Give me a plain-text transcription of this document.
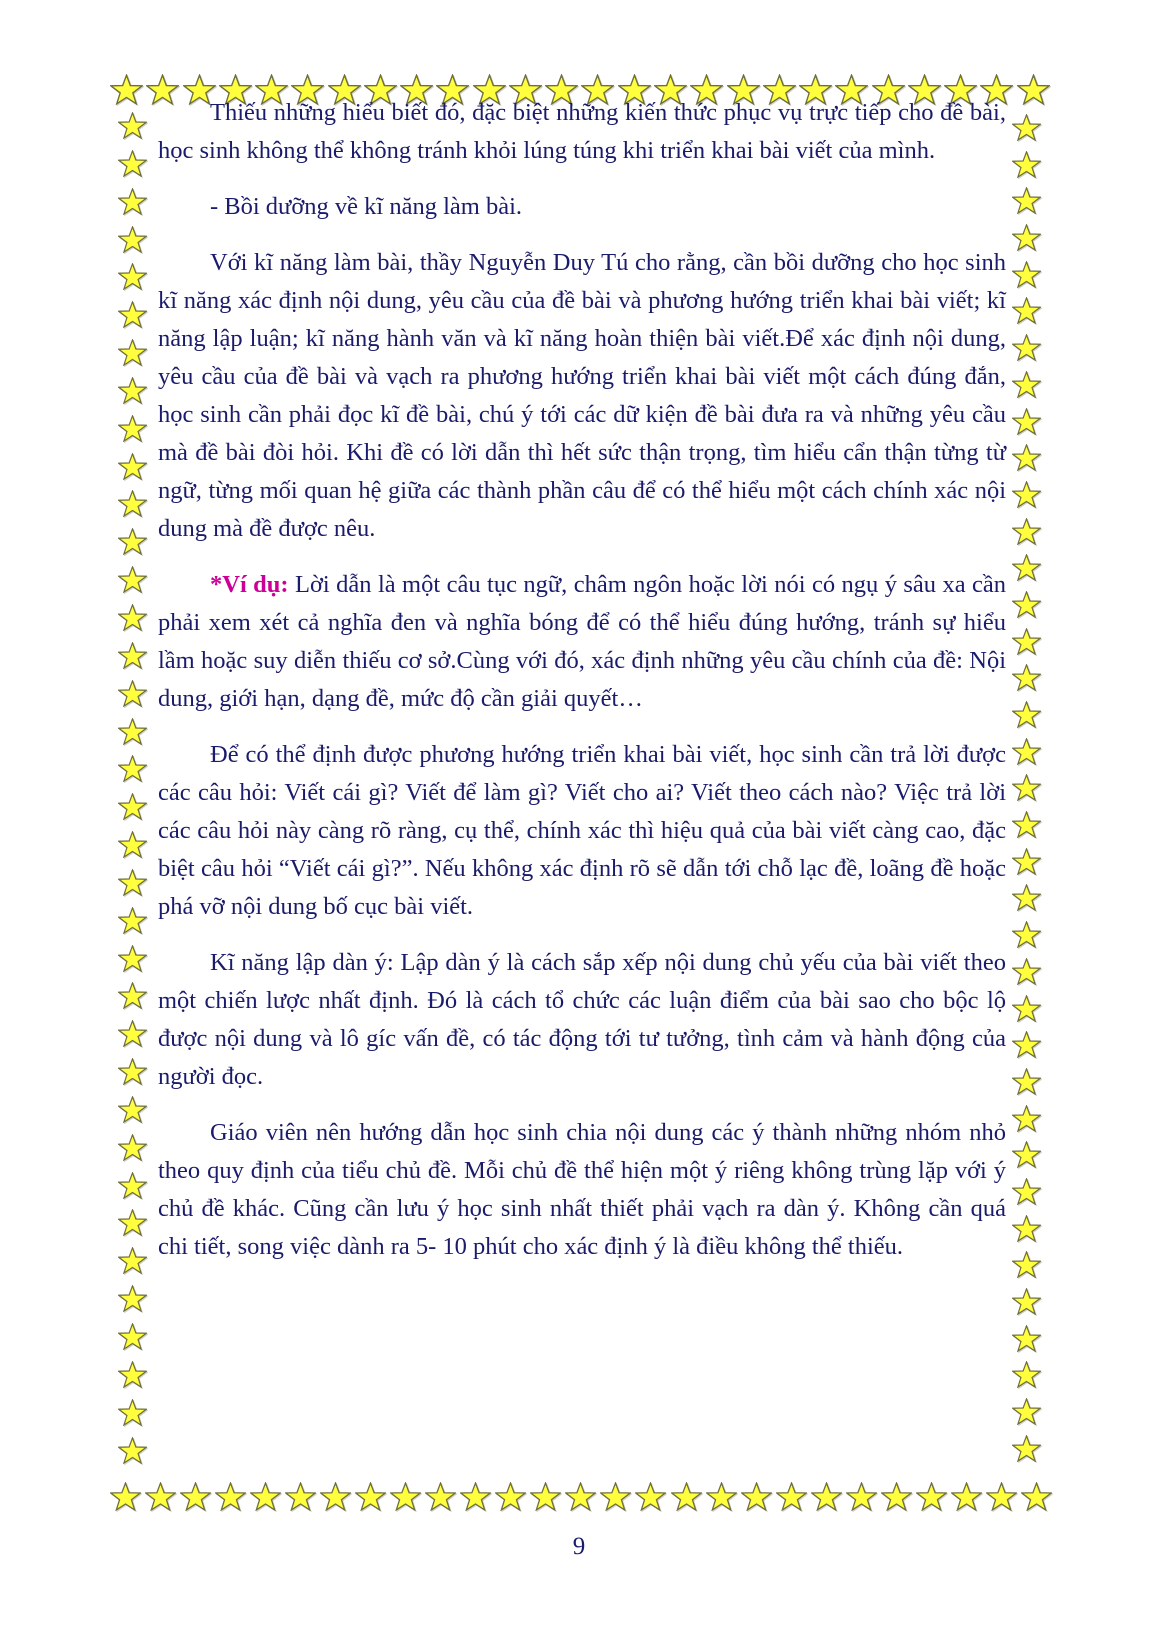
Thiếu những hiểu biết đó, đặc biệt những kiến thức phục vụ trực tiếp cho đề bài, học sinh không thể không tránh khỏi lúng túng khi triển khai bài viết của mình.

- Bồi dưỡng về kĩ năng làm bài.

Với kĩ năng làm bài, thầy Nguyễn Duy Tú cho rằng, cần bồi dưỡng cho học sinh kĩ năng xác định nội dung, yêu cầu của đề bài và phương hướng triển khai bài viết; kĩ năng lập luận; kĩ năng hành văn và kĩ năng hoàn thiện bài viết.Để xác định nội dung, yêu cầu của đề bài và vạch ra phương hướng triển khai bài viết một cách đúng đắn, học sinh cần phải đọc kĩ đề bài, chú ý tới các dữ kiện đề bài đưa ra và những yêu cầu mà đề bài đòi hỏi. Khi đề có lời dẫn thì hết sức thận trọng, tìm hiểu cẩn thận từng từ ngữ, từng mối quan hệ giữa các thành phần câu để có thể hiểu một cách chính xác nội dung mà đề được nêu.

*Ví dụ: Lời dẫn là một câu tục ngữ, châm ngôn hoặc lời nói có ngụ ý sâu xa cần phải xem xét cả nghĩa đen và nghĩa bóng để có thể hiểu đúng hướng, tránh sự hiểu lầm hoặc suy diễn thiếu cơ sở.Cùng với đó, xác định những yêu cầu chính của đề: Nội dung, giới hạn, dạng đề, mức độ cần giải quyết…

Để có thể định được phương hướng triển khai bài viết, học sinh cần trả lời được các câu hỏi: Viết cái gì? Viết để làm gì? Viết cho ai? Viết theo cách nào? Việc trả lời các câu hỏi này càng rõ ràng, cụ thể, chính xác thì hiệu quả của bài viết càng cao, đặc biệt câu hỏi “Viết cái gì?”. Nếu không xác định rõ sẽ dẫn tới chỗ lạc đề, loãng đề hoặc phá vỡ nội dung bố cục bài viết.

Kĩ năng lập dàn ý: Lập dàn ý là cách sắp xếp nội dung chủ yếu của bài viết theo một chiến lược nhất định. Đó là cách tổ chức các luận điểm của bài sao cho bộc lộ được nội dung và lô gíc vấn đề, có tác động tới tư tưởng, tình cảm và hành động của người đọc.

Giáo viên nên hướng dẫn học sinh chia nội dung các ý thành những nhóm nhỏ theo quy định của tiểu chủ đề. Mỗi chủ đề thể hiện một ý riêng không trùng lặp với ý chủ đề khác. Cũng cần lưu ý học sinh nhất thiết phải vạch ra dàn ý. Không cần quá chi tiết, song việc dành ra 5- 10 phút cho xác định ý là điều không thể thiếu.

9
